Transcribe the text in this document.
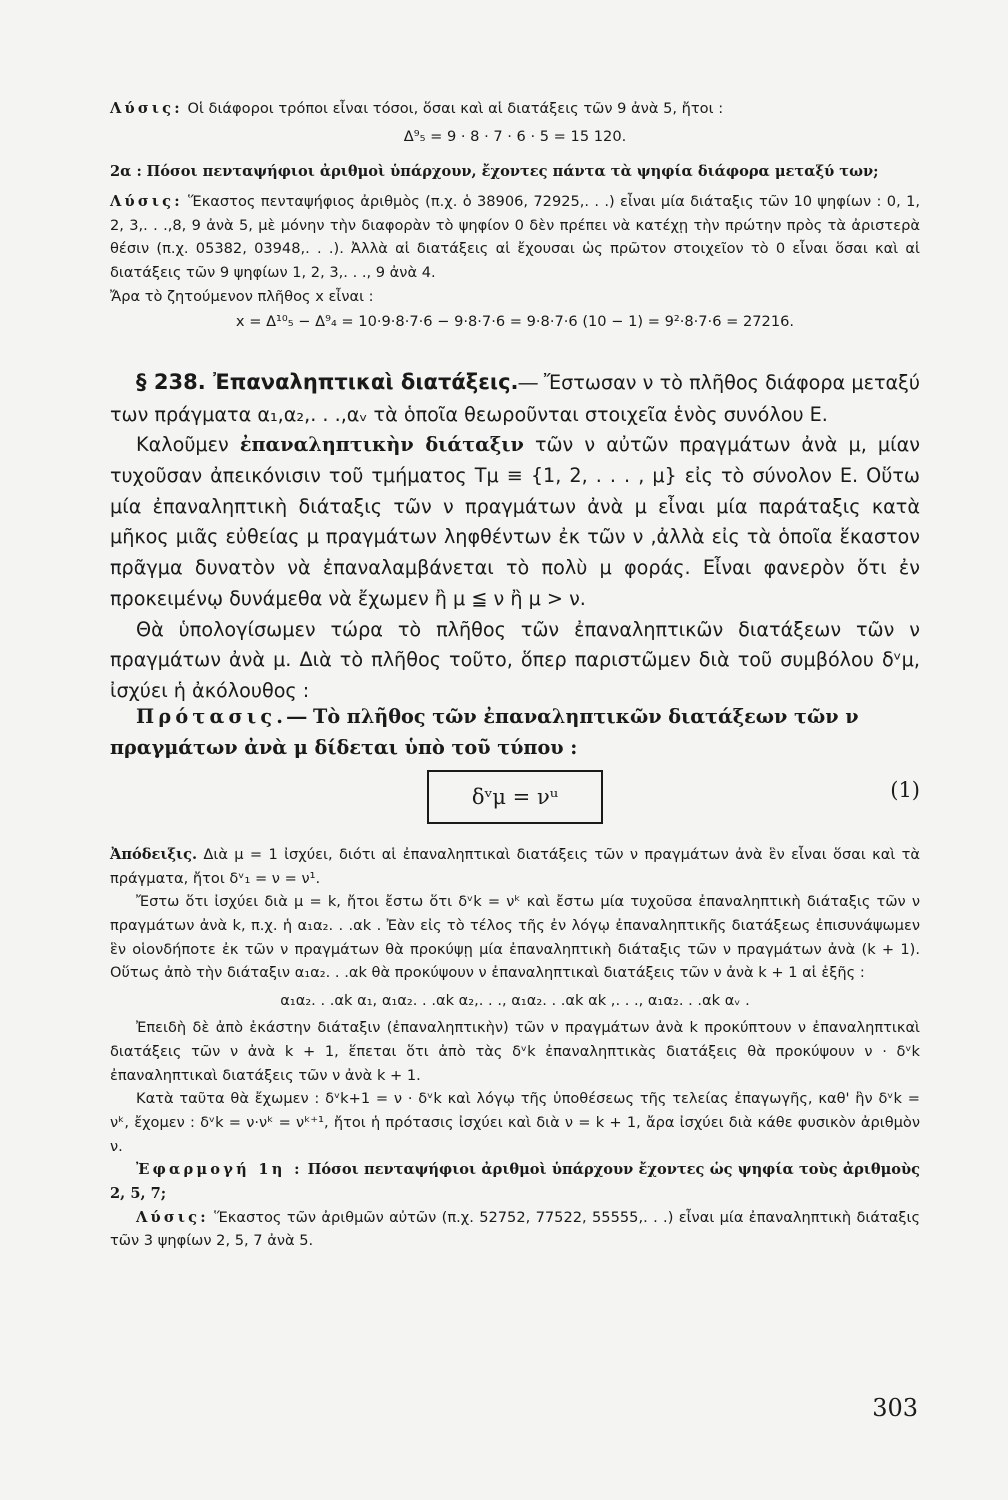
Λύσις: Οἱ διάφοροι τρόποι εἶναι τόσοι, ὅσαι καὶ αἱ διατάξεις τῶν 9 ἀνὰ 5, ἤτοι :
Δ⁹₅ = 9 · 8 · 7 · 6 · 5 = 15 120.
2α : Πόσοι πενταψήφιοι ἀριθμοὶ ὑπάρχουν, ἔχοντες πάντα τὰ ψηφία διάφορα μεταξύ των;
Λύσις: Ἕκαστος πενταψήφιος ἀριθμὸς (π.χ. ὁ 38906, 72925,. . .) εἶναι μία διάταξις τῶν 10 ψηφίων : 0, 1, 2, 3,. . .,8, 9 ἀνὰ 5, μὲ μόνην τὴν διαφορὰν τὸ ψηφίον 0 δὲν πρέπει νὰ κατέχῃ τὴν πρώτην πρὸς τὰ ἀριστερὰ θέσιν (π.χ. 05382, 03948,. . .). Ἀλλὰ αἱ διατάξεις αἱ ἔχουσαι ὡς πρῶτον στοιχεῖον τὸ 0 εἶναι ὅσαι καὶ αἱ διατάξεις τῶν 9 ψηφίων 1, 2, 3,. . ., 9 ἀνὰ 4.
Ἄρα τὸ ζητούμενον πλῆθος x εἶναι :
x = Δ¹⁰₅ − Δ⁹₄ = 10·9·8·7·6 − 9·8·7·6 = 9·8·7·6 (10 − 1) = 9²·8·7·6 = 27216.

§ 238. Ἐπαναληπτικαὶ διατάξεις.― Ἔστωσαν ν τὸ πλῆθος διάφορα μεταξύ των πράγματα α₁,α₂,. . .,αᵥ τὰ ὁποῖα θεωροῦνται στοιχεῖα ἑνὸς συνόλου Ε.

Καλοῦμεν ἐπαναληπτικὴν διάταξιν τῶν ν αὐτῶν πραγμάτων ἀνὰ μ, μίαν τυχοῦσαν ἀπεικόνισιν τοῦ τμήματος Tμ ≡ {1, 2, . . . , μ} εἰς τὸ σύνολον Ε. Οὕτω μία ἐπαναληπτικὴ διάταξις τῶν ν πραγμάτων ἀνὰ μ εἶναι μία παράταξις κατὰ μῆκος μιᾶς εὐθείας μ πραγμάτων ληφθέντων ἐκ τῶν ν ,ἀλλὰ εἰς τὰ ὁποῖα ἕκαστον πρᾶγμα δυνατὸν νὰ ἐπαναλαμβάνεται τὸ πολὺ μ φοράς. Εἶναι φανερὸν ὅτι ἐν προκειμένῳ δυνάμεθα νὰ ἔχωμεν ἢ μ ≦ ν ἢ μ > ν.

Θὰ ὑπολογίσωμεν τώρα τὸ πλῆθος τῶν ἐπαναληπτικῶν διατάξεων τῶν ν πραγμάτων ἀνὰ μ. Διὰ τὸ πλῆθος τοῦτο, ὅπερ παριστῶμεν διὰ τοῦ συμβόλου δᵛμ, ἰσχύει ἡ ἀκόλουθος :

Πρότασις.― Τὸ πλῆθος τῶν ἐπαναληπτικῶν διατάξεων τῶν ν πραγμάτων ἀνὰ μ δίδεται ὑπὸ τοῦ τύπου :

δᵛμ = νᵘ	(1)

Ἀπόδειξις. Διὰ μ = 1 ἰσχύει, διότι αἱ ἐπαναληπτικαὶ διατάξεις τῶν ν πραγμάτων ἀνὰ ἓν εἶναι ὅσαι καὶ τὰ πράγματα, ἤτοι δᵛ₁ = ν = ν¹.

Ἔστω ὅτι ἰσχύει διὰ μ = k, ἤτοι ἔστω ὅτι δᵛk = νᵏ καὶ ἔστω μία τυχοῦσα ἐπαναληπτικὴ διάταξις τῶν ν πραγμάτων ἀνὰ k, π.χ. ἡ α₁α₂. . .αk . Ἐὰν εἰς τὸ τέλος τῆς ἐν λόγῳ ἐπαναληπτικῆς διατάξεως ἐπισυνάψωμεν ἓν οἱονδήποτε ἐκ τῶν ν πραγμάτων θὰ προκύψῃ μία ἐπαναληπτικὴ διάταξις τῶν ν πραγμάτων ἀνὰ (k + 1). Οὕτως ἀπὸ τὴν διάταξιν α₁α₂. . .αk θὰ προκύψουν ν ἐπαναληπτικαὶ διατάξεις τῶν ν ἀνὰ k + 1 αἱ ἑξῆς :

α₁α₂. . .αk α₁, α₁α₂. . .αk α₂,. . ., α₁α₂. . .αk αk ,. . ., α₁α₂. . .αk αᵥ .

Ἐπειδὴ δὲ ἀπὸ ἑκάστην διάταξιν (ἐπαναληπτικὴν) τῶν ν πραγμάτων ἀνὰ k προκύπτουν ν ἐπαναληπτικαὶ διατάξεις τῶν ν ἀνὰ k + 1, ἕπεται ὅτι ἀπὸ τὰς δᵛk ἐπαναληπτικὰς διατάξεις θὰ προκύψουν ν · δᵛk ἐπαναληπτικαὶ διατάξεις τῶν ν ἀνὰ k + 1.

Κατὰ ταῦτα θὰ ἔχωμεν : δᵛk+1 = ν · δᵛk καὶ λόγῳ τῆς ὑποθέσεως τῆς τελείας ἐπαγωγῆς, καθ' ἣν δᵛk = νᵏ, ἔχομεν : δᵛk = ν·νᵏ = νᵏ⁺¹, ἤτοι ἡ πρότασις ἰσχύει καὶ διὰ ν = k + 1, ἄρα ἰσχύει διὰ κάθε φυσικὸν ἀριθμὸν ν.

Ἐφαρμογή 1η : Πόσοι πενταψήφιοι ἀριθμοὶ ὑπάρχουν ἔχοντες ὡς ψηφία τοὺς ἀριθμοὺς 2, 5, 7;

Λύσις: Ἕκαστος τῶν ἀριθμῶν αὐτῶν (π.χ. 52752, 77522, 55555,. . .) εἶναι μία ἐπαναληπτικὴ διάταξις τῶν 3 ψηφίων 2, 5, 7 ἀνὰ 5.

303
